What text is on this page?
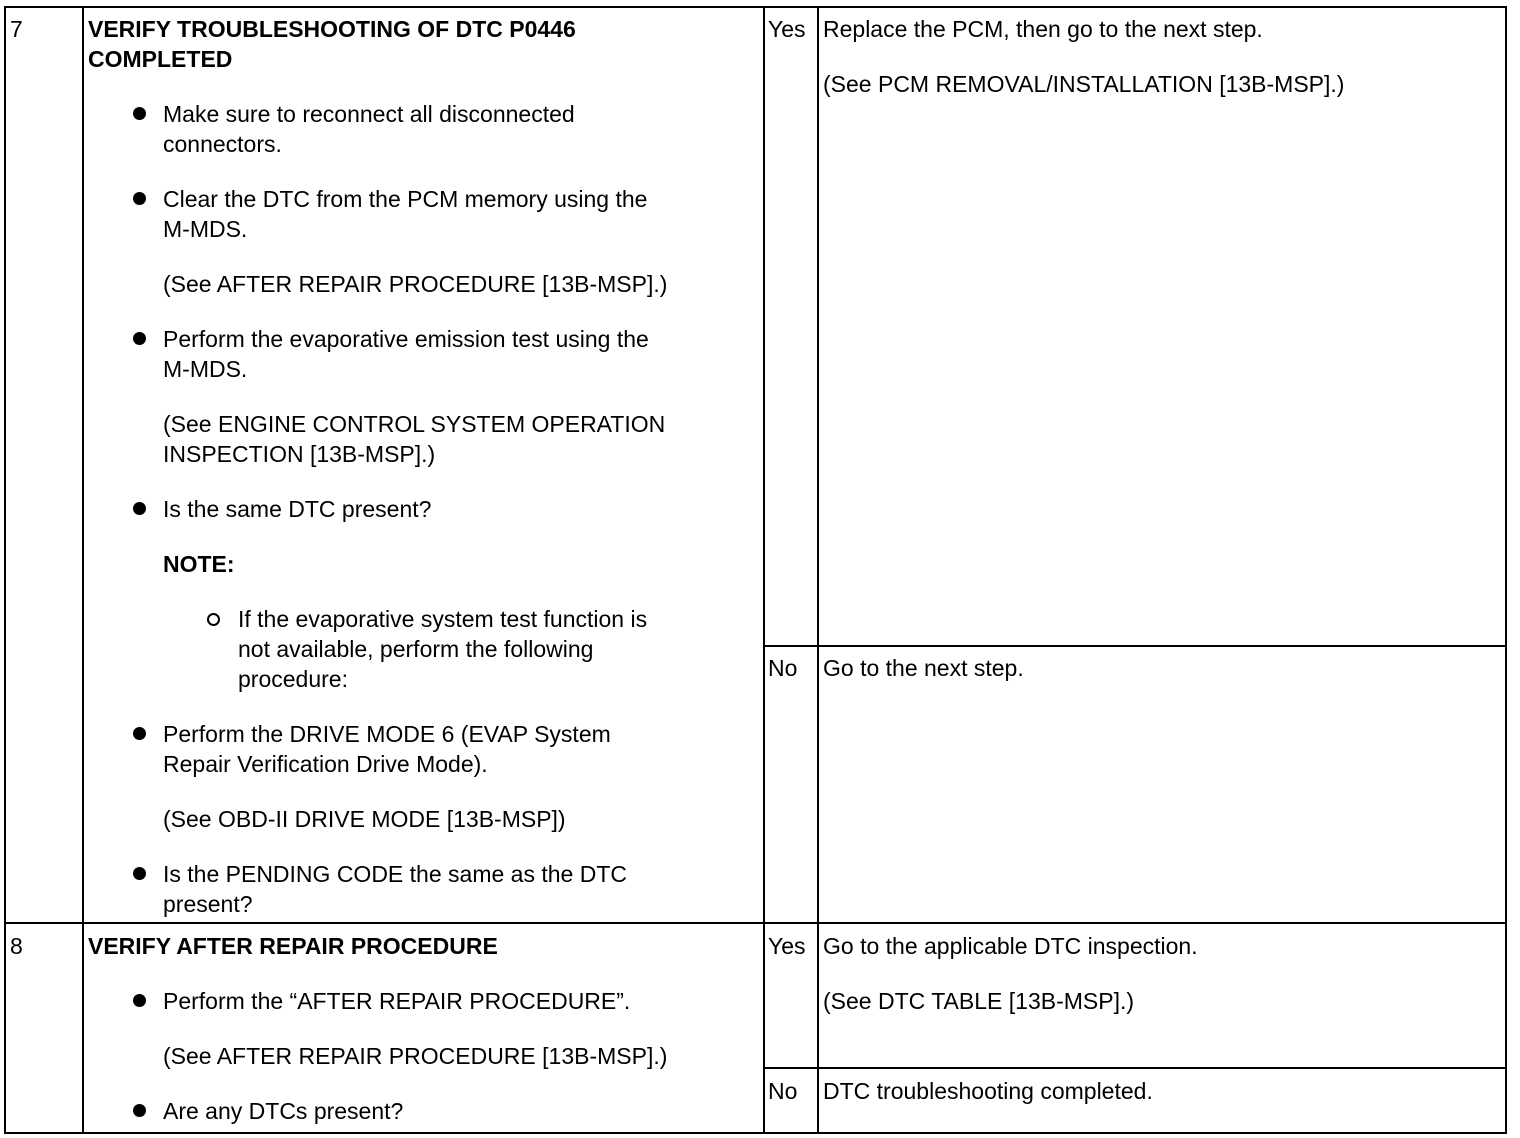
7	VERIFY TROUBLESHOOTING OF DTC P0446
COMPLETED
Make sure to reconnect all disconnected
connectors.
Clear the DTC from the PCM memory using the
M-MDS.
(See AFTER REPAIR PROCEDURE [13B-MSP].)
Perform the evaporative emission test using the
M-MDS.
(See ENGINE CONTROL SYSTEM OPERATION
INSPECTION [13B-MSP].)
Is the same DTC present?
NOTE:
If the evaporative system test function is
not available, perform the following
procedure:
Perform the DRIVE MODE 6 (EVAP System
Repair Verification Drive Mode).
(See OBD-II DRIVE MODE [13B-MSP])
Is the PENDING CODE the same as the DTC
present?
Yes Replace the PCM, then go to the next step.
(See PCM REMOVAL/INSTALLATION [13B-MSP].)
No Go to the next step.
8	VERIFY AFTER REPAIR PROCEDURE
Perform the “AFTER REPAIR PROCEDURE”.
(See AFTER REPAIR PROCEDURE [13B-MSP].)
Are any DTCs present?
Yes Go to the applicable DTC inspection.
(See DTC TABLE [13B-MSP].)
No DTC troubleshooting completed.
